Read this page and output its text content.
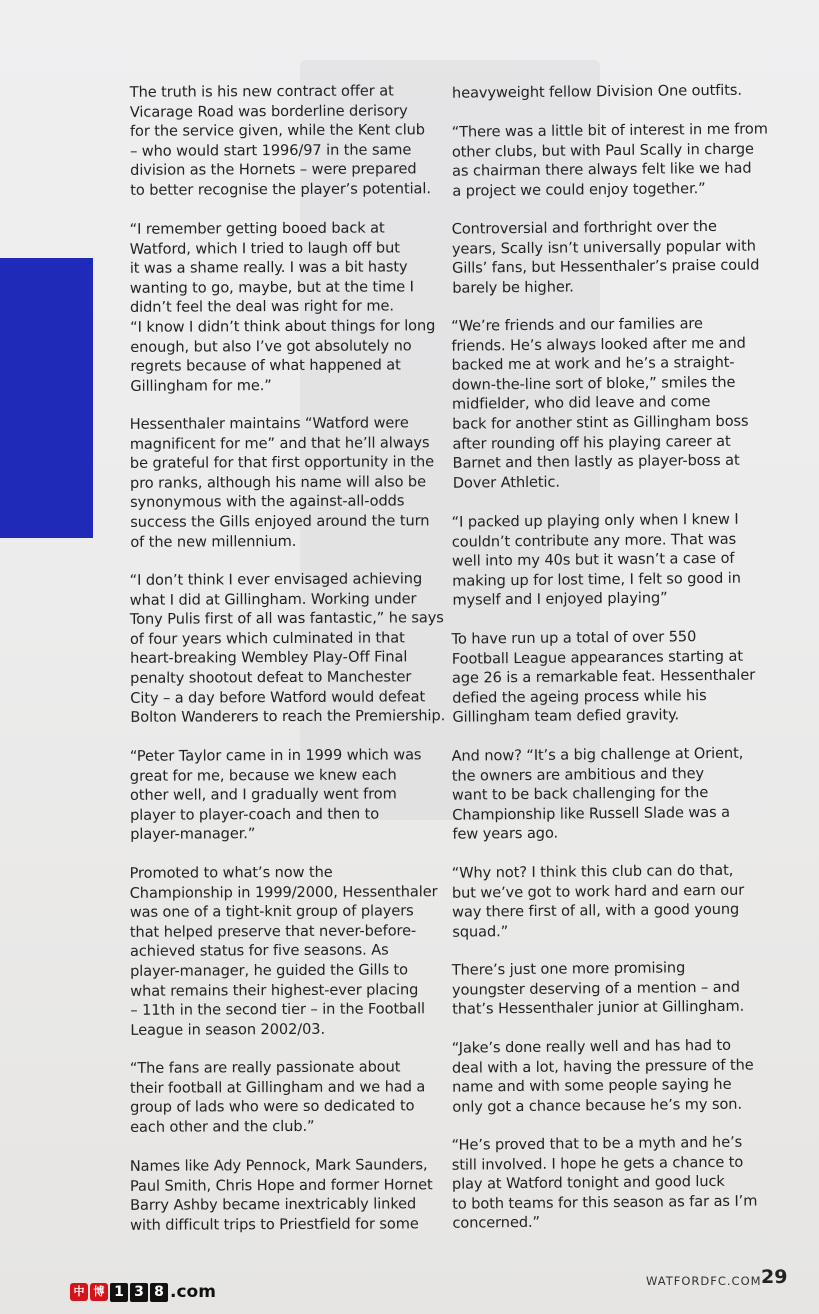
The truth is his new contract offer at
Vicarage Road was borderline derisory
for the service given, while the Kent club
– who would start 1996/97 in the same
division as the Hornets – were prepared
to better recognise the player’s potential.

“I remember getting booed back at
Watford, which I tried to laugh off but
it was a shame really. I was a bit hasty
wanting to go, maybe, but at the time I
didn’t feel the deal was right for me.
“I know I didn’t think about things for long
enough, but also I’ve got absolutely no
regrets because of what happened at
Gillingham for me.”

Hessenthaler maintains “Watford were
magnificent for me” and that he’ll always
be grateful for that first opportunity in the
pro ranks, although his name will also be
synonymous with the against-all-odds
success the Gills enjoyed around the turn
of the new millennium.

“I don’t think I ever envisaged achieving
what I did at Gillingham. Working under
Tony Pulis first of all was fantastic,” he says
of four years which culminated in that
heart-breaking Wembley Play-Off Final
penalty shootout defeat to Manchester
City – a day before Watford would defeat
Bolton Wanderers to reach the Premiership.

“Peter Taylor came in in 1999 which was
great for me, because we knew each
other well, and I gradually went from
player to player-coach and then to
player-manager.”

Promoted to what’s now the
Championship in 1999/2000, Hessenthaler
was one of a tight-knit group of players
that helped preserve that never-before-
achieved status for five seasons. As
player-manager, he guided the Gills to
what remains their highest-ever placing
– 11th in the second tier – in the Football
League in season 2002/03.

“The fans are really passionate about
their football at Gillingham and we had a
group of lads who were so dedicated to
each other and the club.”

Names like Ady Pennock, Mark Saunders,
Paul Smith, Chris Hope and former Hornet
Barry Ashby became inextricably linked
with difficult trips to Priestfield for some

heavyweight fellow Division One outfits.

“There was a little bit of interest in me from
other clubs, but with Paul Scally in charge
as chairman there always felt like we had
a project we could enjoy together.”

Controversial and forthright over the
years, Scally isn’t universally popular with
Gills’ fans, but Hessenthaler’s praise could
barely be higher.

“We’re friends and our families are
friends. He’s always looked after me and
backed me at work and he’s a straight-
down-the-line sort of bloke,” smiles the
midfielder, who did leave and come
back for another stint as Gillingham boss
after rounding off his playing career at
Barnet and then lastly as player-boss at
Dover Athletic.

“I packed up playing only when I knew I
couldn’t contribute any more. That was
well into my 40s but it wasn’t a case of
making up for lost time, I felt so good in
myself and I enjoyed playing”

To have run up a total of over 550
Football League appearances starting at
age 26 is a remarkable feat. Hessenthaler
defied the ageing process while his
Gillingham team defied gravity.

And now? “It’s a big challenge at Orient,
the owners are ambitious and they
want to be back challenging for the
Championship like Russell Slade was a
few years ago.

“Why not? I think this club can do that,
but we’ve got to work hard and earn our
way there first of all, with a good young
squad.”

There’s just one more promising
youngster deserving of a mention – and
that’s Hessenthaler junior at Gillingham.

“Jake’s done really well and has had to
deal with a lot, having the pressure of the
name and with some people saying he
only got a chance because he’s my son.

“He’s proved that to be a myth and he’s
still involved. I hope he gets a chance to
play at Watford tonight and good luck
to both teams for this season as far as I’m
concerned.”

中 博 1 3 8 .com
WATFORDFC.COM 29
